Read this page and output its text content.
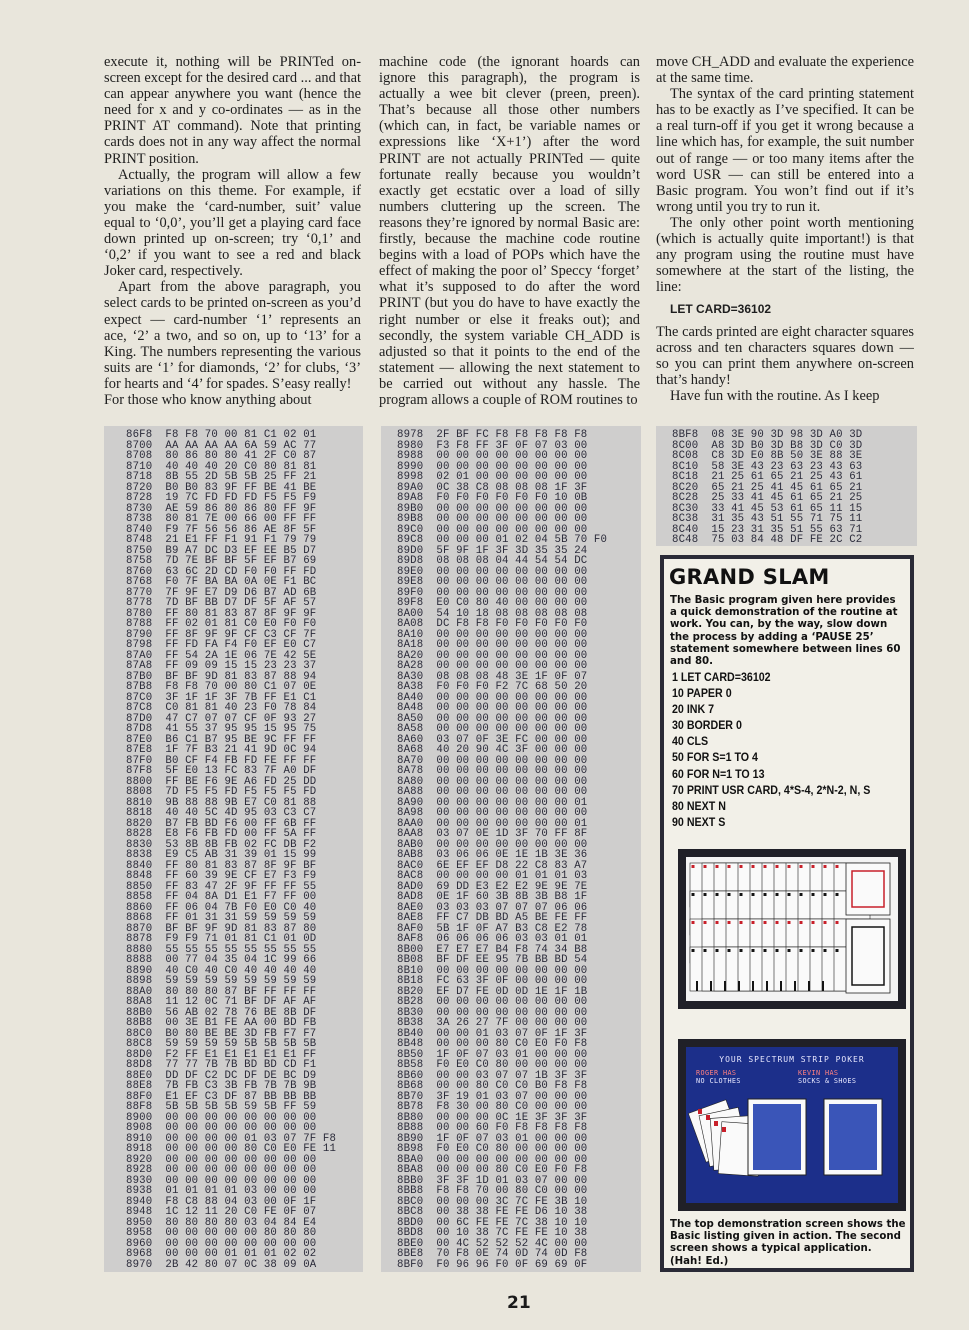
execute it, nothing will be PRINTed on-screen except for the desired card ... and that can appear anywhere you want (hence the need for x and y co-ordinates — as in the PRINT AT command). Note that printing cards does not in any way affect the normal PRINT position.

Actually, the program will allow a few variations on this theme. For example, if you make the ‘card-number, suit’ value equal to ‘0,0’, you’ll get a playing card face down printed up on-screen; try ‘0,1’ and ‘0,2’ if you want to see a red and black Joker card, respectively.

Apart from the above paragraph, you select cards to be printed on-screen as you’d expect — card-number ‘1’ represents an ace, ‘2’ a two, and so on, up to ‘13’ for a King. The numbers representing the various suits are ‘1’ for diamonds, ‘2’ for clubs, ‘3’ for hearts and ‘4’ for spades. S’easy really!

For those who know anything about

machine code (the ignorant hoards can ignore this paragraph), the program is actually a wee bit clever (preen, preen). That’s because all those other numbers (which can, in fact, be variable names or expressions like ‘X+1’) after the word PRINT are not actually PRINTed — quite fortunate really because you wouldn’t exactly get ecstatic over a load of silly numbers cluttering up the screen. The reasons they’re ignored by normal Basic are: firstly, because the machine code routine begins with a load of POPs which have the effect of making the poor ol’ Speccy ‘forget’ what it’s supposed to do after the word PRINT (but you do have to have exactly the right number or else it freaks out); and secondly, the system variable CH_ADD is adjusted so that it points to the end of the statement — allowing the next statement to be carried out without any hassle. The program allows a couple of ROM routines to

move CH_ADD and evaluate the experience at the same time.

The syntax of the card printing statement has to be exactly as I’ve specified. It can be a real turn-off if you get it wrong because a line which has, for example, the suit number out of range — or too many items after the word USR — can still be entered into a Basic program. You won’t find out if it’s wrong until you try to run it.

The only other point worth mentioning (which is actually quite important!) is that any program using the routine must have somewhere at the start of the listing, the line:

LET CARD=36102

The cards printed are eight character squares across and ten characters squares down — so you can print them anywhere on-screen that’s handy!

Have fun with the routine. As I keep

86F8  F8 F8 70 00 81 C1 02 01
8700  AA AA AA AA 6A 59 AC 77
8708  80 86 80 80 41 2F C0 87
8710  40 40 40 20 C0 80 81 81
8718  8B 55 2D 5B 5B 25 FF 21
8720  B0 B0 83 9F FF BE 41 BE
8728  19 7C FD FD FD F5 F5 F9
8730  AE 59 86 80 86 80 FF 9F
8738  80 81 7E 00 66 00 FF FF
8740  F9 7F 56 56 86 AE 8F 5F
8748  21 E1 FF F1 91 F1 79 79
8750  B9 A7 DC D3 EF EE B5 D7
8758  7D 7E BF BF 5F EF B7 69
8760  63 6C 2D CD F0 F0 FF FD
8768  F0 7F BA BA 0A 0E F1 BC
8770  7F 9F E7 D9 D6 B7 AD 6B
8778  7D BF BB D7 DF 5F AF 57
8780  FF 80 81 83 87 8F 9F 9F
8788  FF 02 01 81 C0 E0 F0 F0
8790  FF 8F 9F 9F CF C3 CF 7F
8798  FF FD FA F4 F0 EF E0 C7
87A0  FF 54 2A 1E 06 7E 42 5E
87A8  FF 09 09 15 15 23 23 37
87B0  BF BF 9D 81 83 87 88 94
87B8  F8 F8 70 00 80 C1 07 0E
87C0  3F 1F 1F 3F 7B FF E1 C1
87C8  C0 81 81 40 23 F0 78 84
87D0  47 C7 07 07 CF 0F 93 27
87D8  41 55 37 95 95 15 95 75
87E0  B6 C1 B7 95 BE 9C FF FF
87E8  1F 7F B3 21 41 9D 0C 94
87F0  B0 CF F4 FB FD FE FF FF
87F8  5F E0 13 FC 83 7F A0 DF
8800  FF BE F6 9E A6 FD 25 DD
8808  7D F5 F5 FD F5 F5 F5 FD
8810  9B 88 88 9B E7 C0 81 88
8818  40 40 5C 4D 95 03 C3 C7
8820  B7 FB BD F6 00 FF 6B FF
8828  E8 F6 FB FD 00 FF 5A FF
8830  53 8B 8B FB 02 FC DB F2
8838  E9 C5 AB 31 39 01 15 99
8840  FF 80 81 83 87 8F 9F BF
8848  FF 60 39 9E CF E7 F3 F9
8850  FF 83 47 2F 9F FF FF 55
8858  FF 04 8A D1 E1 F7 FF 00
8860  FF 06 04 7B F0 E0 C0 40
8868  FF 01 31 31 59 59 59 59
8870  BF BF 9F 9D 81 83 87 80
8878  F9 F9 71 01 81 C1 01 0D
8880  55 55 55 55 55 55 55 55
8888  00 77 04 35 04 1C 99 66
8890  40 C0 40 C0 40 40 40 40
8898  59 59 59 59 59 59 59 59
88A0  80 80 80 87 BF FF FF FF
88A8  11 12 0C 71 BF DF AF AF
88B0  56 AB 02 78 76 BE 8B DF
88B8  00 3E B1 FE AA 00 BD FB
88C0  B0 80 BE BE 3D FB F7 F7
88C8  59 59 59 59 5B 5B 5B 5B
88D0  F2 FF E1 E1 E1 E1 E1 FF
88D8  77 77 7B 7B BD BD CD F1
88E0  DD DF C2 DC DF DE BC D9
88E8  7B FB C3 3B FB 7B 7B 9B
88F0  E1 EF C3 DF 87 BB BB BB
88F8  5B 5B 5B 5B 59 5B FF 59
8900  00 00 00 00 00 00 00 00
8908  00 00 00 00 00 00 00 00
8910  00 00 00 00 01 03 07 7F F8
8918  00 00 00 00 80 C0 E0 FE 11
8920  00 00 00 00 00 00 00 00
8928  00 00 00 00 00 00 00 00
8930  00 00 00 00 00 00 00 00
8938  01 01 01 01 03 00 00 00
8940  F8 C8 88 04 03 00 0F 1F
8948  1C 12 11 20 C0 FE 0F 07
8950  80 80 80 80 03 04 84 E4
8958  00 00 00 00 00 80 80 80
8960  00 00 00 00 00 00 00 00
8968  00 00 00 01 01 01 02 02
8970  2B 42 80 07 0C 38 09 0A
8978  2F BF FC F8 F8 F8 F8 F8
8980  F3 F8 FF 3F 0F 07 03 00
8988  00 00 00 00 00 00 00 00
8990  00 00 00 00 00 00 00 00
8998  02 01 00 00 00 00 00 00
89A0  0C 38 C8 08 08 08 1F 3F
89A8  F0 F0 F0 F0 F0 F0 10 0B
89B0  00 00 00 00 00 00 00 00
89B8  00 00 00 00 00 00 00 00
89C0  00 00 00 00 00 00 00 00
89C8  00 00 00 01 02 04 5B 70 F0
89D0  5F 9F 1F 3F 3D 35 35 24
89D8  08 08 08 04 44 54 54 DC
89E0  00 00 00 00 00 00 00 00
89E8  00 00 00 00 00 00 00 00
89F0  00 00 00 00 00 00 00 00
89F8  E0 C0 80 40 00 00 00 00
8A00  54 10 18 08 08 08 08 08
8A08  DC F8 F8 F0 F0 F0 F0 F0
8A10  00 00 00 00 00 00 00 00
8A18  00 00 00 00 00 00 00 00
8A20  00 00 00 00 00 00 00 00
8A28  00 00 00 00 00 00 00 00
8A30  08 08 08 48 3E 1F 0F 07
8A38  F0 F0 F0 F2 7C 68 50 20
8A40  00 00 00 00 00 00 00 00
8A48  00 00 00 00 00 00 00 00
8A50  00 00 00 00 00 00 00 00
8A58  00 00 00 00 00 00 00 00
8A60  03 07 0F 3E FC 00 00 00
8A68  40 20 90 4C 3F 00 00 00
8A70  00 00 00 00 00 00 00 00
8A78  00 00 00 00 00 00 00 00
8A80  00 00 00 00 00 00 00 00
8A88  00 00 00 00 00 00 00 00
8A90  00 00 00 00 00 00 00 01
8A98  00 00 00 00 00 00 00 00
8AA0  00 00 00 00 00 00 00 01
8AA8  03 07 0E 1D 3F 70 FF 8F
8AB0  00 00 00 00 00 00 00 00
8AB8  03 06 06 0E 1E 1B 3E 36
8AC0  6E EF EF D8 22 C8 83 A7
8AC8  00 00 00 00 01 01 01 03
8AD0  69 DD E3 E2 E2 9E 9E 7E
8AD8  0E 1F 60 3B 8B 3B B8 1F
8AE0  03 03 03 07 07 07 06 06
8AE8  FF C7 DB BD A5 BE FE FF
8AF0  5B 1F 0F A7 B3 C8 E2 78
8AF8  06 06 06 06 03 03 01 01
8B00  E7 E7 E7 B4 F8 74 34 B8
8B08  BF DF EE 95 7B BB BD 54
8B10  00 00 00 00 00 00 00 00
8B18  FC 63 3F 0F 00 00 00 00
8B20  EF D7 FE 0D 0D 1E 1F 1B
8B28  00 00 00 00 00 00 00 00
8B30  00 00 00 00 00 00 00 00
8B38  3A 26 27 7F 00 00 00 00
8B40  00 00 01 03 07 0F 1F 3F
8B48  00 00 00 80 C0 E0 F0 F8
8B50  1F 0F 07 03 01 00 00 00
8B58  F0 E0 C0 80 00 00 00 00
8B60  00 00 03 07 07 1B 3F 3F
8B68  00 00 80 C0 C0 B0 F8 F8
8B70  3F 19 01 03 07 00 00 00
8B78  F8 30 00 80 C0 00 00 00
8B80  00 00 00 0C 1E 3F 3F 3F
8B88  00 00 60 F0 F8 F8 F8 F8
8B90  1F 0F 07 03 01 00 00 00
8B98  F0 E0 C0 80 00 00 00 00
8BA0  00 00 00 00 00 00 00 00
8BA8  00 00 00 80 C0 E0 F0 F8
8BB0  3F 3F 1D 01 03 07 00 00
8BB8  F8 F8 70 00 80 C0 00 00
8BC0  00 00 00 3C 7C FE 3B 10
8BC8  00 38 38 FE FE D6 10 38
8BD0  00 6C FE FE 7C 38 10 10
8BD8  00 10 38 7C FE FE 10 38
8BE0  00 4C 52 52 52 4C 00 00
8BE8  70 F8 0E 74 0D 74 0D F8
8BF0  F0 96 96 F0 0F 69 69 0F
8BF8  08 3E 90 3D 98 3D A0 3D
8C00  A8 3D B0 3D B8 3D C0 3D
8C08  C8 3D E0 8B 50 3E 88 3E
8C10  58 3E 43 23 63 23 43 63
8C18  21 25 61 65 21 25 43 61
8C20  65 21 25 41 45 61 65 21
8C28  25 33 41 45 61 65 21 25
8C30  33 41 45 53 61 65 11 15
8C38  31 35 43 51 55 71 75 11
8C40  15 23 31 35 51 55 63 71
8C48  75 03 84 48 DF FE 2C C2
GRAND SLAM
The Basic program given here provides a quick demonstration of the routine at work. You can, by the way, slow down the process by adding a ‘PAUSE 25’ statement somewhere between lines 60 and 80.
1 LET CARD=36102
10 PAPER 0
20 INK 7
30 BORDER 0
40 CLS
50 FOR S=1 TO 4
60 FOR N=1 TO 13
70 PRINT USR CARD, 4*S-4, 2*N-2, N, S
80 NEXT N
90 NEXT S
YOUR SPECTRUM STRIP POKER
ROGER HAS
NO CLOTHES
KEVIN HAS
SOCKS & SHOES
The top demonstration screen shows the Basic listing given in action. The second screen shows a typical application. (Hah! Ed.)
21
